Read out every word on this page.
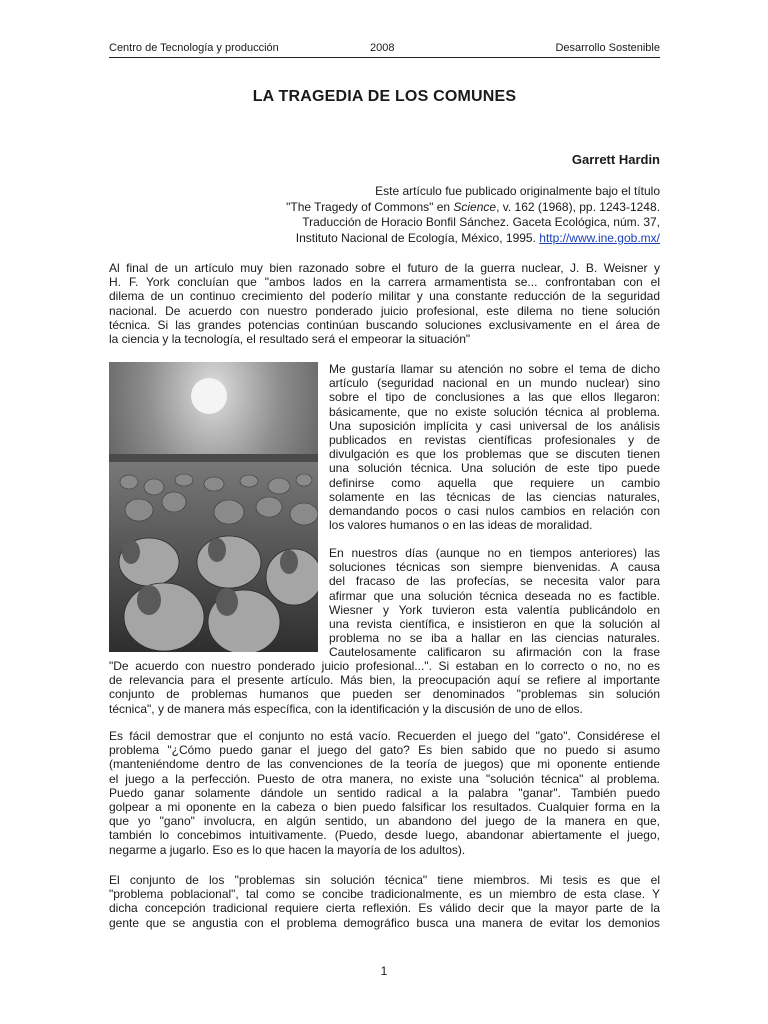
Centro de Tecnología y producción	2008	Desarrollo Sostenible
LA TRAGEDIA DE LOS COMUNES
Garrett Hardin
Este artículo fue publicado originalmente bajo el título
"The Tragedy of Commons" en Science, v. 162 (1968), pp. 1243-1248.
Traducción de Horacio Bonfil Sánchez. Gaceta Ecológica, núm. 37,
Instituto Nacional de Ecología, México, 1995. http://www.ine.gob.mx/
Al final de un artículo muy bien razonado sobre el futuro de la guerra nuclear, J. B. Weisner y
H. F. York concluían que "ambos lados en la carrera armamentista se... confrontaban con el
dilema de un continuo crecimiento del poderío militar y una constante reducción de la seguridad
nacional. De acuerdo con nuestro ponderado juicio profesional, este dilema no tiene solución
técnica. Si las grandes potencias continúan buscando soluciones exclusivamente en el área de
la ciencia y la tecnología, el resultado será el empeorar la situación"
Me gustaría llamar su atención no sobre el tema de dicho
artículo (seguridad nacional en un mundo nuclear) sino
sobre el tipo de conclusiones a las que ellos llegaron:
básicamente, que no existe solución técnica al problema.
Una suposición implícita y casi universal de los análisis
publicados en revistas científicas profesionales y de
divulgación es que los problemas que se discuten tienen
una solución técnica. Una solución de este tipo puede
definirse como aquella que requiere un cambio
solamente en las técnicas de las ciencias naturales,
demandando pocos o casi nulos cambios en relación con
los valores humanos o en las ideas de moralidad.
En nuestros días (aunque no en tiempos anteriores) las
soluciones técnicas son siempre bienvenidas. A causa
del fracaso de las profecías, se necesita valor para
afirmar que una solución técnica deseada no es factible.
Wiesner y York tuvieron esta valentía publicándolo en
una revista científica, e insistieron en que la solución al
problema no se iba a hallar en las ciencias naturales.
Cautelosamente calificaron su afirmación con la frase
"De acuerdo con nuestro ponderado juicio profesional...". Si estaban en lo correcto o no, no es
de relevancia para el presente artículo. Más bien, la preocupación aquí se refiere al importante
conjunto de problemas humanos que pueden ser denominados "problemas sin solución
técnica", y de manera más específica, con la identificación y la discusión de uno de ellos.
Es fácil demostrar que el conjunto no está vacío. Recuerden el juego del "gato". Considérese el
problema "¿Cómo puedo ganar el juego del gato? Es bien sabido que no puedo si asumo
(manteniéndome dentro de las convenciones de la teoría de juegos) que mi oponente entiende
el juego a la perfección. Puesto de otra manera, no existe una "solución técnica" al problema.
Puedo ganar solamente dándole un sentido radical a la palabra "ganar". También puedo
golpear a mi oponente en la cabeza o bien puedo falsificar los resultados. Cualquier forma en la
que yo "gano" involucra, en algún sentido, un abandono del juego de la manera en que,
también lo concebimos intuitivamente. (Puedo, desde luego, abandonar abiertamente el juego,
negarme a jugarlo. Eso es lo que hacen la mayoría de los adultos).
El conjunto de los "problemas sin solución técnica" tiene miembros. Mi tesis es que el
"problema poblacional", tal como se concibe tradicionalmente, es un miembro de esta clase. Y
dicha concepción tradicional requiere cierta reflexión. Es válido decir que la mayor parte de la
gente que se angustia con el problema demográfico busca una manera de evitar los demonios
1
